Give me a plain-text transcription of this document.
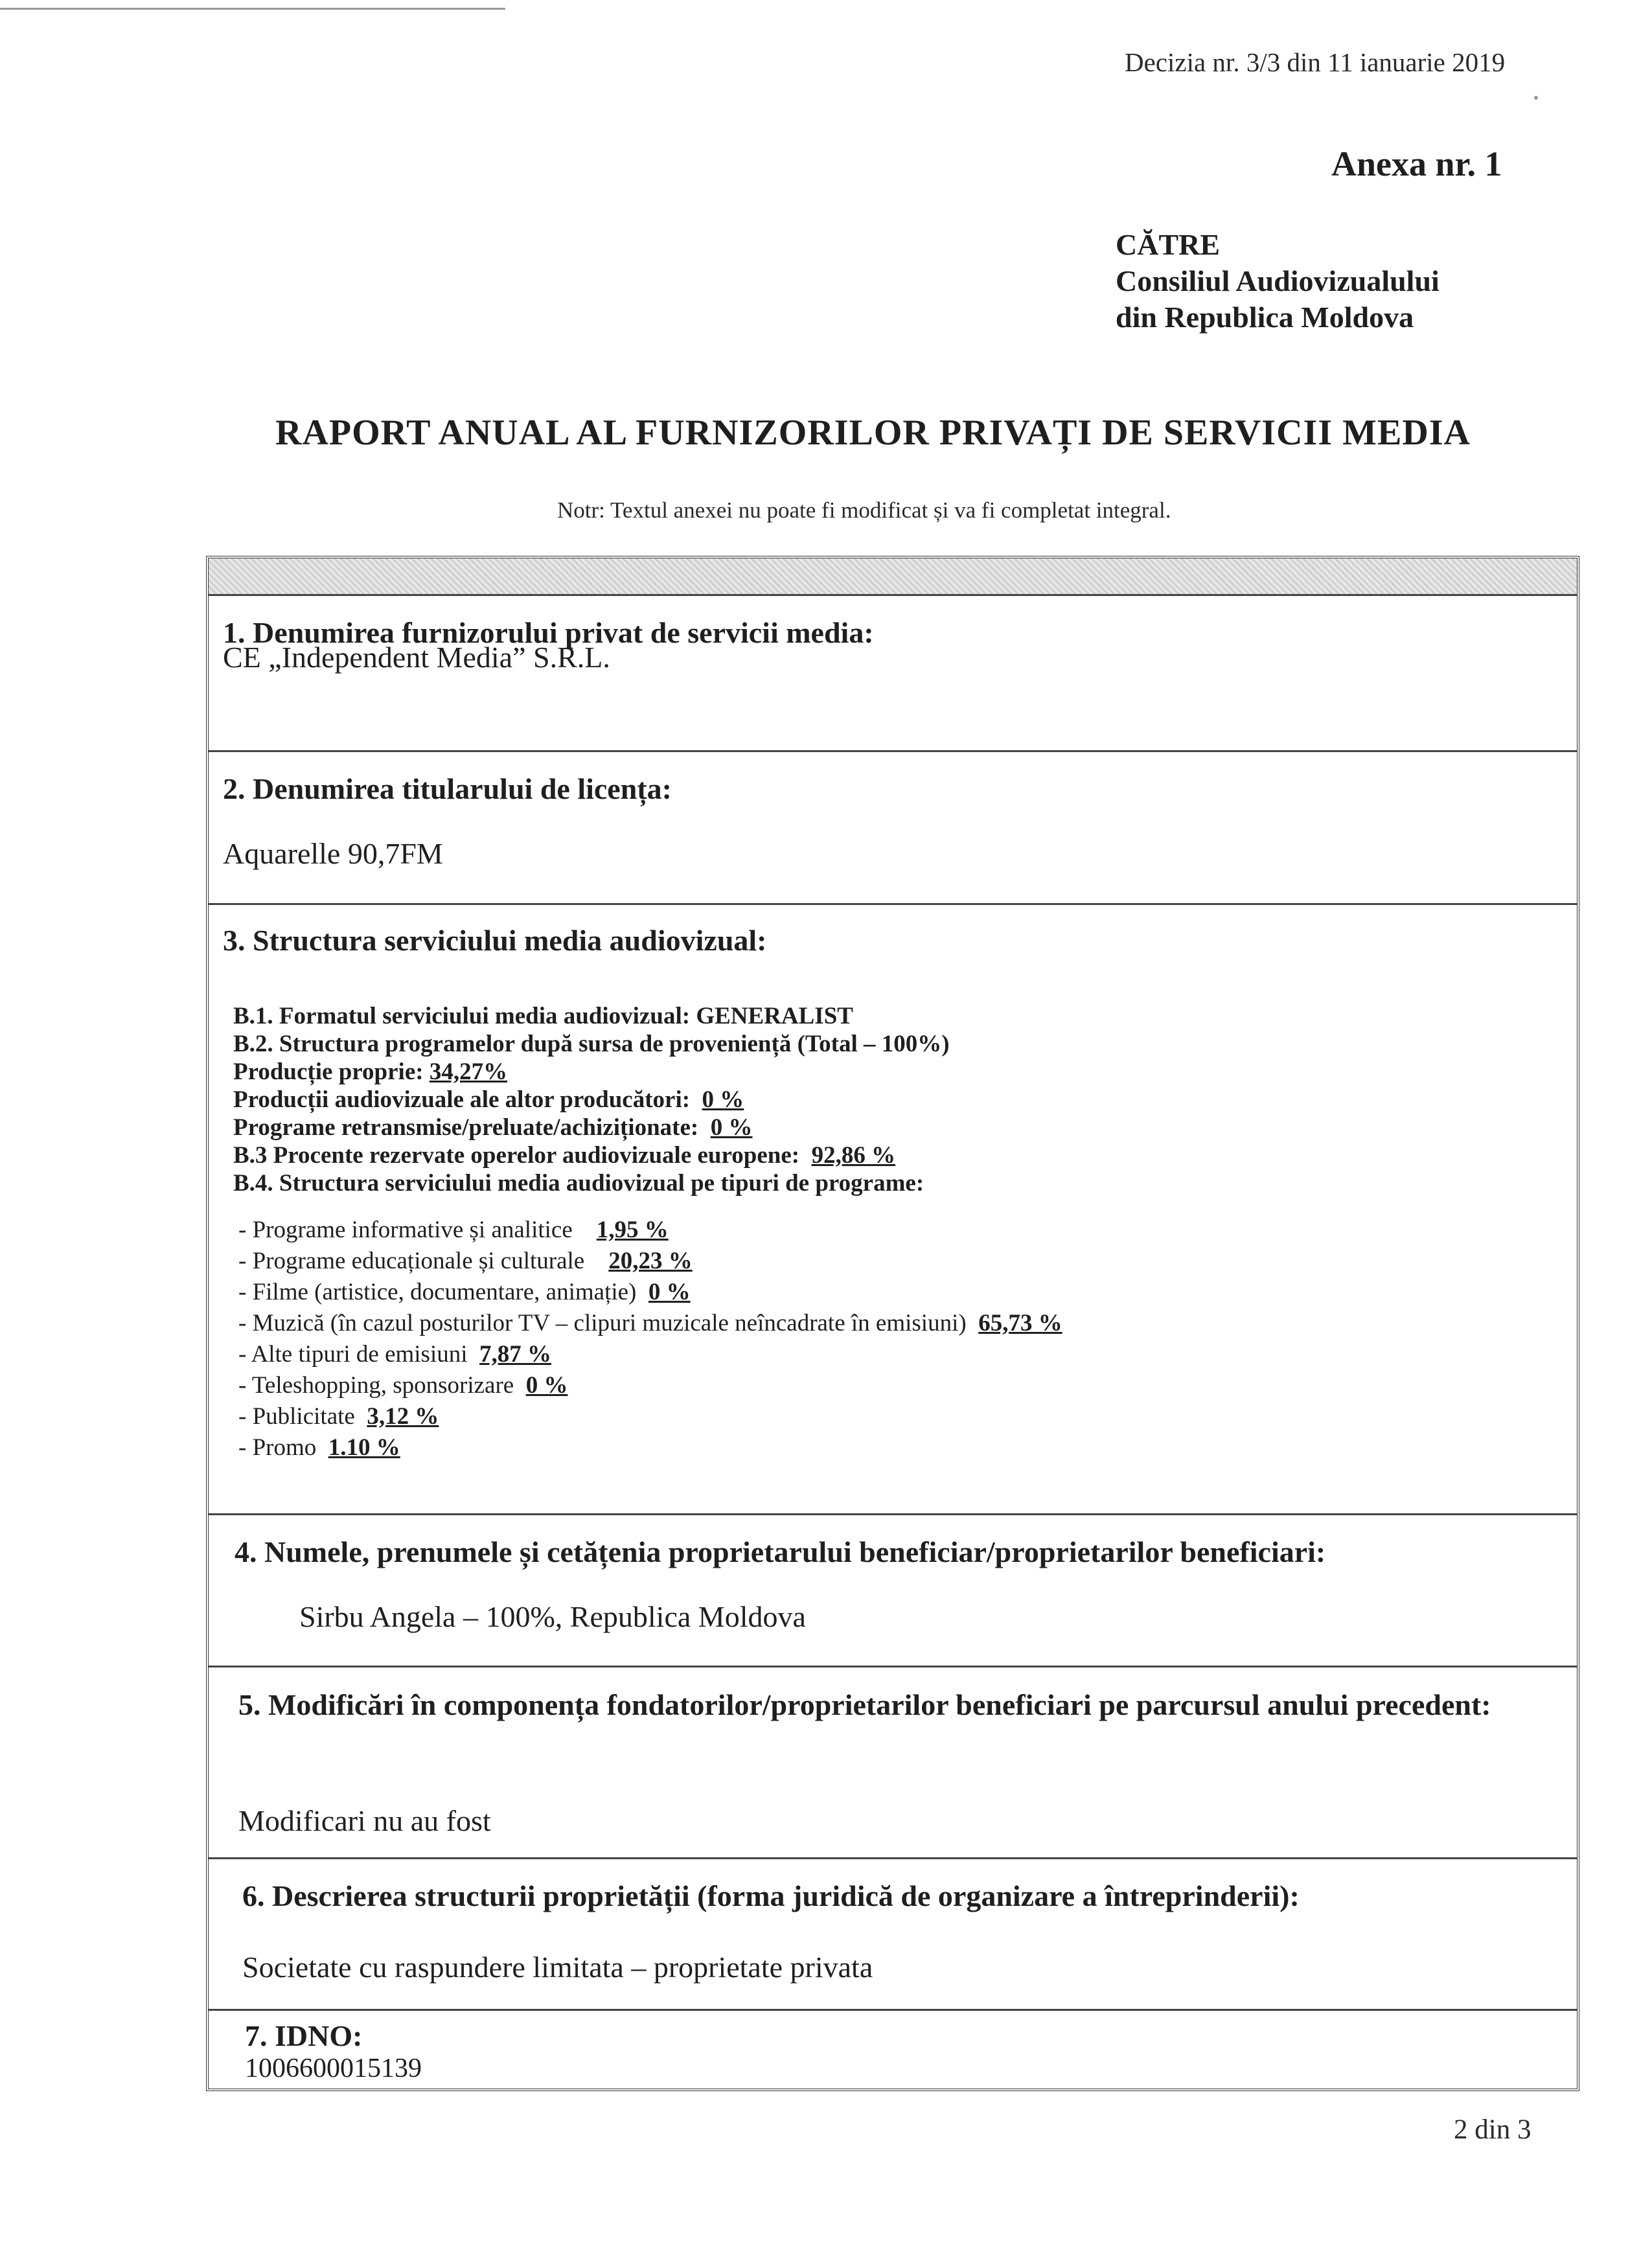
Decizia nr. 3/3 din 11 ianuarie 2019
Anexa nr. 1
CĂTRE
Consiliul Audiovizualului
din Republica Moldova
RAPORT ANUAL AL FURNIZORILOR PRIVAȚI DE SERVICII MEDIA
Notr: Textul anexei nu poate fi modificat și va fi completat integral.
1. Denumirea furnizorului privat de servicii media:
CE „Independent Media” S.R.L.
2. Denumirea titularului de licența:
Aquarelle 90,7FM
3. Structura serviciului media audiovizual:
B.1. Formatul serviciului media audiovizual: GENERALIST
B.2. Structura programelor după sursa de proveniență (Total – 100%)
Producție proprie: 34,27%
Producții audiovizuale ale altor producători: 0 %
Programe retransmise/preluate/achiziționate: 0 %
B.3 Procente rezervate operelor audiovizuale europene: 92,86 %
B.4. Structura serviciului media audiovizual pe tipuri de programe:
- Programe informative și analitice 1,95 %
- Programe educaționale și culturale 20,23 %
- Filme (artistice, documentare, animație) 0 %
- Muzică (în cazul posturilor TV – clipuri muzicale neîncadrate în emisiuni) 65,73 %
- Alte tipuri de emisiuni 7,87 %
- Teleshopping, sponsorizare 0 %
- Publicitate 3,12 %
- Promo 1.10 %
4. Numele, prenumele și cetățenia proprietarului beneficiar/proprietarilor beneficiari:
Sirbu Angela – 100%, Republica Moldova
5. Modificări în componența fondatorilor/proprietarilor beneficiari pe parcursul anului precedent:
Modificari nu au fost
6. Descrierea structurii proprietății (forma juridică de organizare a întreprinderii):
Societate cu raspundere limitata – proprietate privata
7. IDNO:
1006600015139
2 din 3
